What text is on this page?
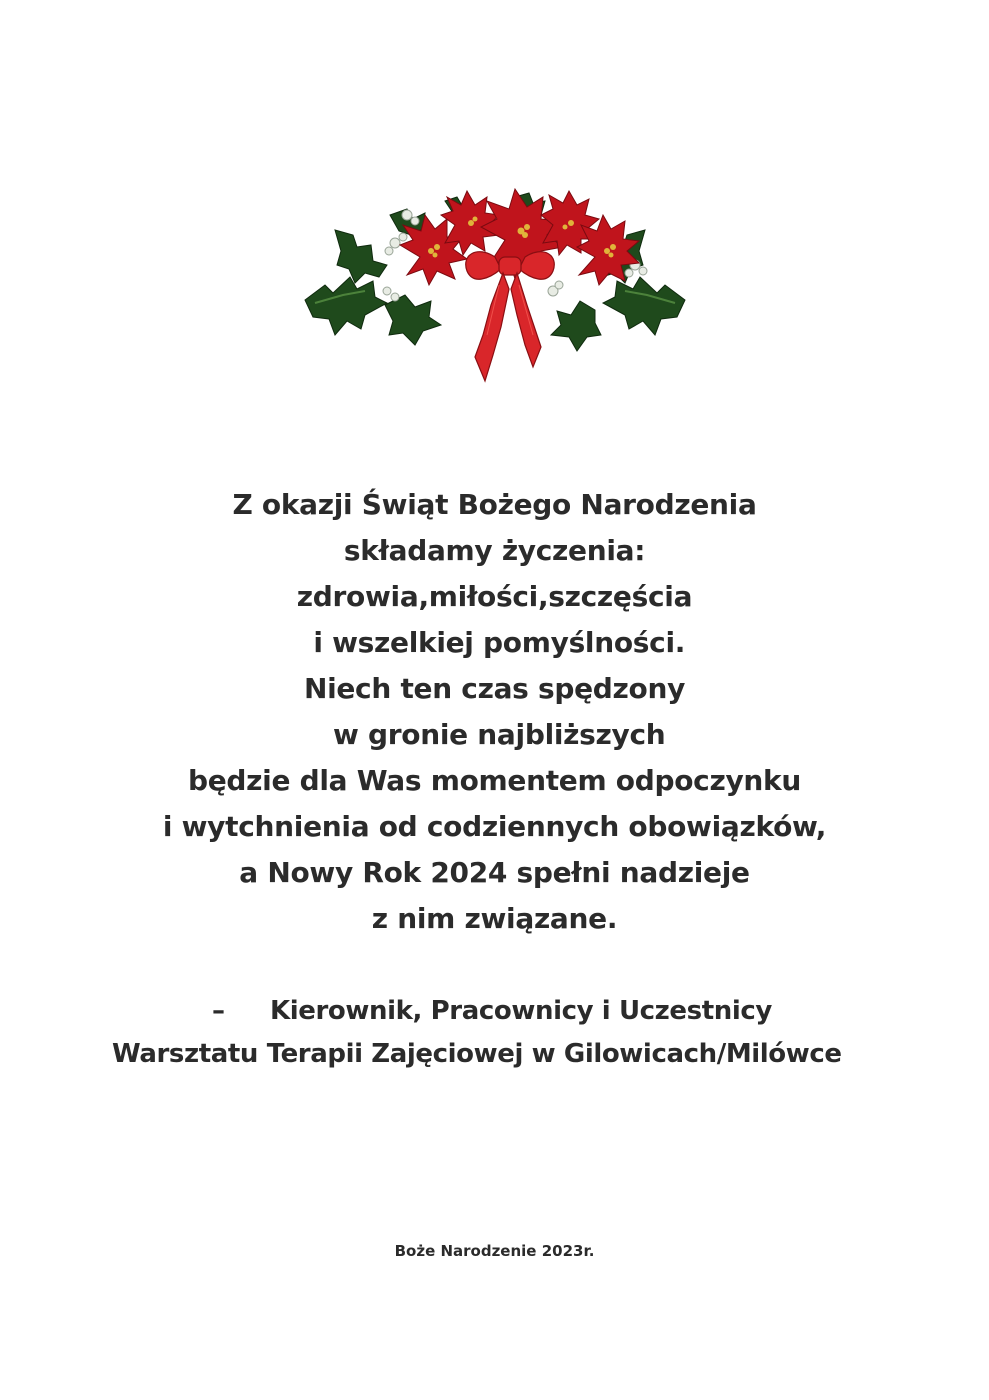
Z okazji Świąt Bożego Narodzenia
składamy życzenia:
zdrowia,miłości,szczęścia
i wszelkiej pomyślności.
Niech ten czas spędzony
w gronie najbliższych
będzie dla Was momentem odpoczynku
i wytchnienia od codziennych obowiązków,
a Nowy Rok 2024 spełni nadzieje
z nim związane.
– Kierownik, Pracownicy i Uczestnicy
Warsztatu Terapii Zajęciowej w Gilowicach/Milówce
Boże Narodzenie 2023r.
